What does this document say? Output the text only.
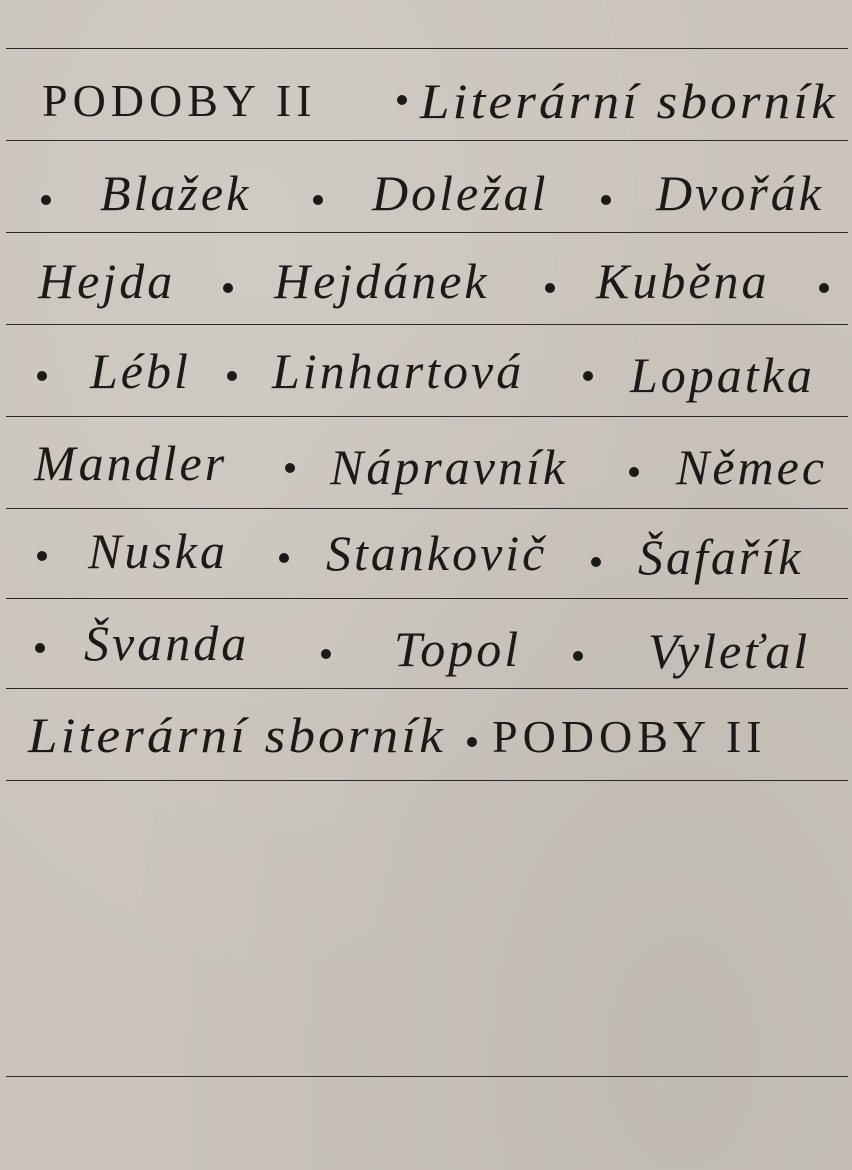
PODOBY II Literární sborník
Blažek Doležal Dvořák
Hejda Hejdánek Kuběna
Lébl Linhartová Lopatka
Mandler Nápravník Němec
Nuska Stankovič Šafařík
Švanda	Topol	Vyleťal
Literární sborník PODOBY II
